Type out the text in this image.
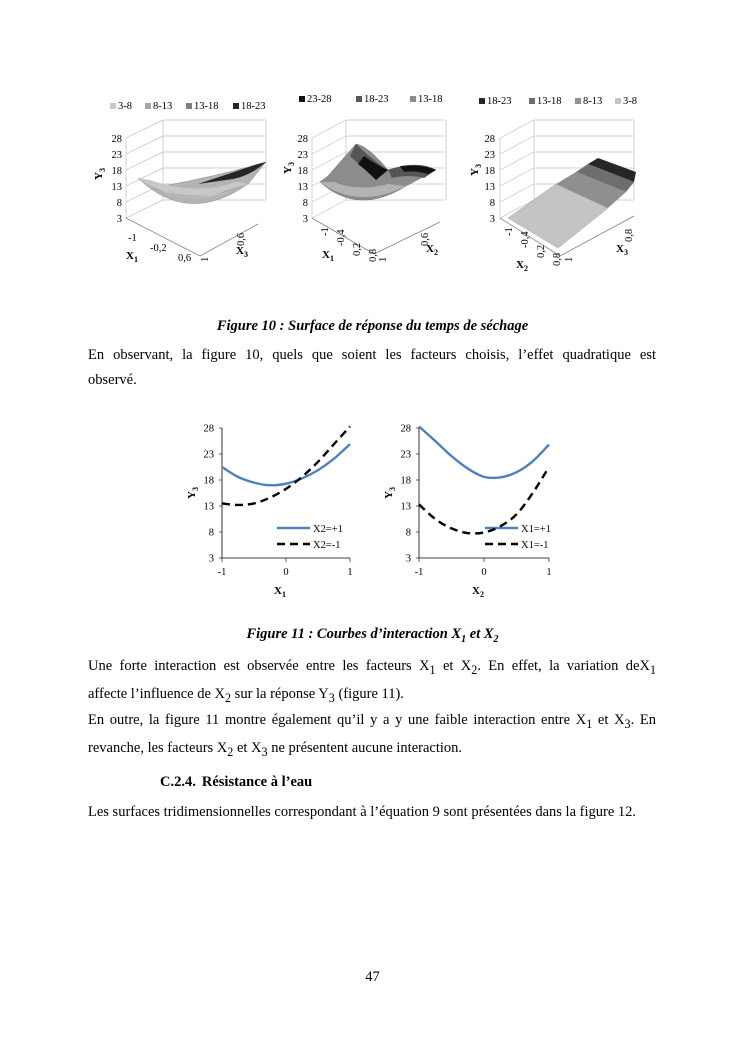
3-8 8-13 13-18 18-23
28
23
18
13
8
3
$Y_3$
-1
-0,2
0,6 1
0,6
$X_1$
$X_3$
23-28	18-23	13-18
28
23
18
13
8
3
$Y_3$
-1 -0,4
0,2 0,8 1
0,6
$X_1$
$X_2$
18-23 13-18 8-13 3-8
28
23
18
13
8
3
$Y_3$
-1 -0,4
0,2
0,8 1
0,8
$X_2$
$X_3$
Figure 10 : Surface de réponse du temps de séchage
En observant, la figure 10, quels que soient les facteurs choisis, l’effet quadratique est
observé.
28
23
18
13
8
3
-1	0	1
$Y_3$
$X_1$
X2=+1
X2=-1
28
23
18
13
8
3
-1	0	1
$Y_3$
$X_2$
X1=+1
X1=-1
Figure 11 : Courbes d’interaction $X_1$ et $X_2$
Une forte interaction est observée entre les facteurs $X_1$ et $X_2$. En effet, la variation deX$_1$
affecte l’influence de $X_2$ sur la réponse $Y_3$ (figure 11).
En outre, la figure 11 montre également qu’il y a y une faible interaction entre $X_1$ et $X_3$. En
revanche, les facteurs $X_2$ et $X_3$ ne présentent aucune interaction.
C.2.4. Résistance à l’eau
Les surfaces tridimensionnelles correspondant à l’équation 9 sont présentées dans la figure 12.
47
